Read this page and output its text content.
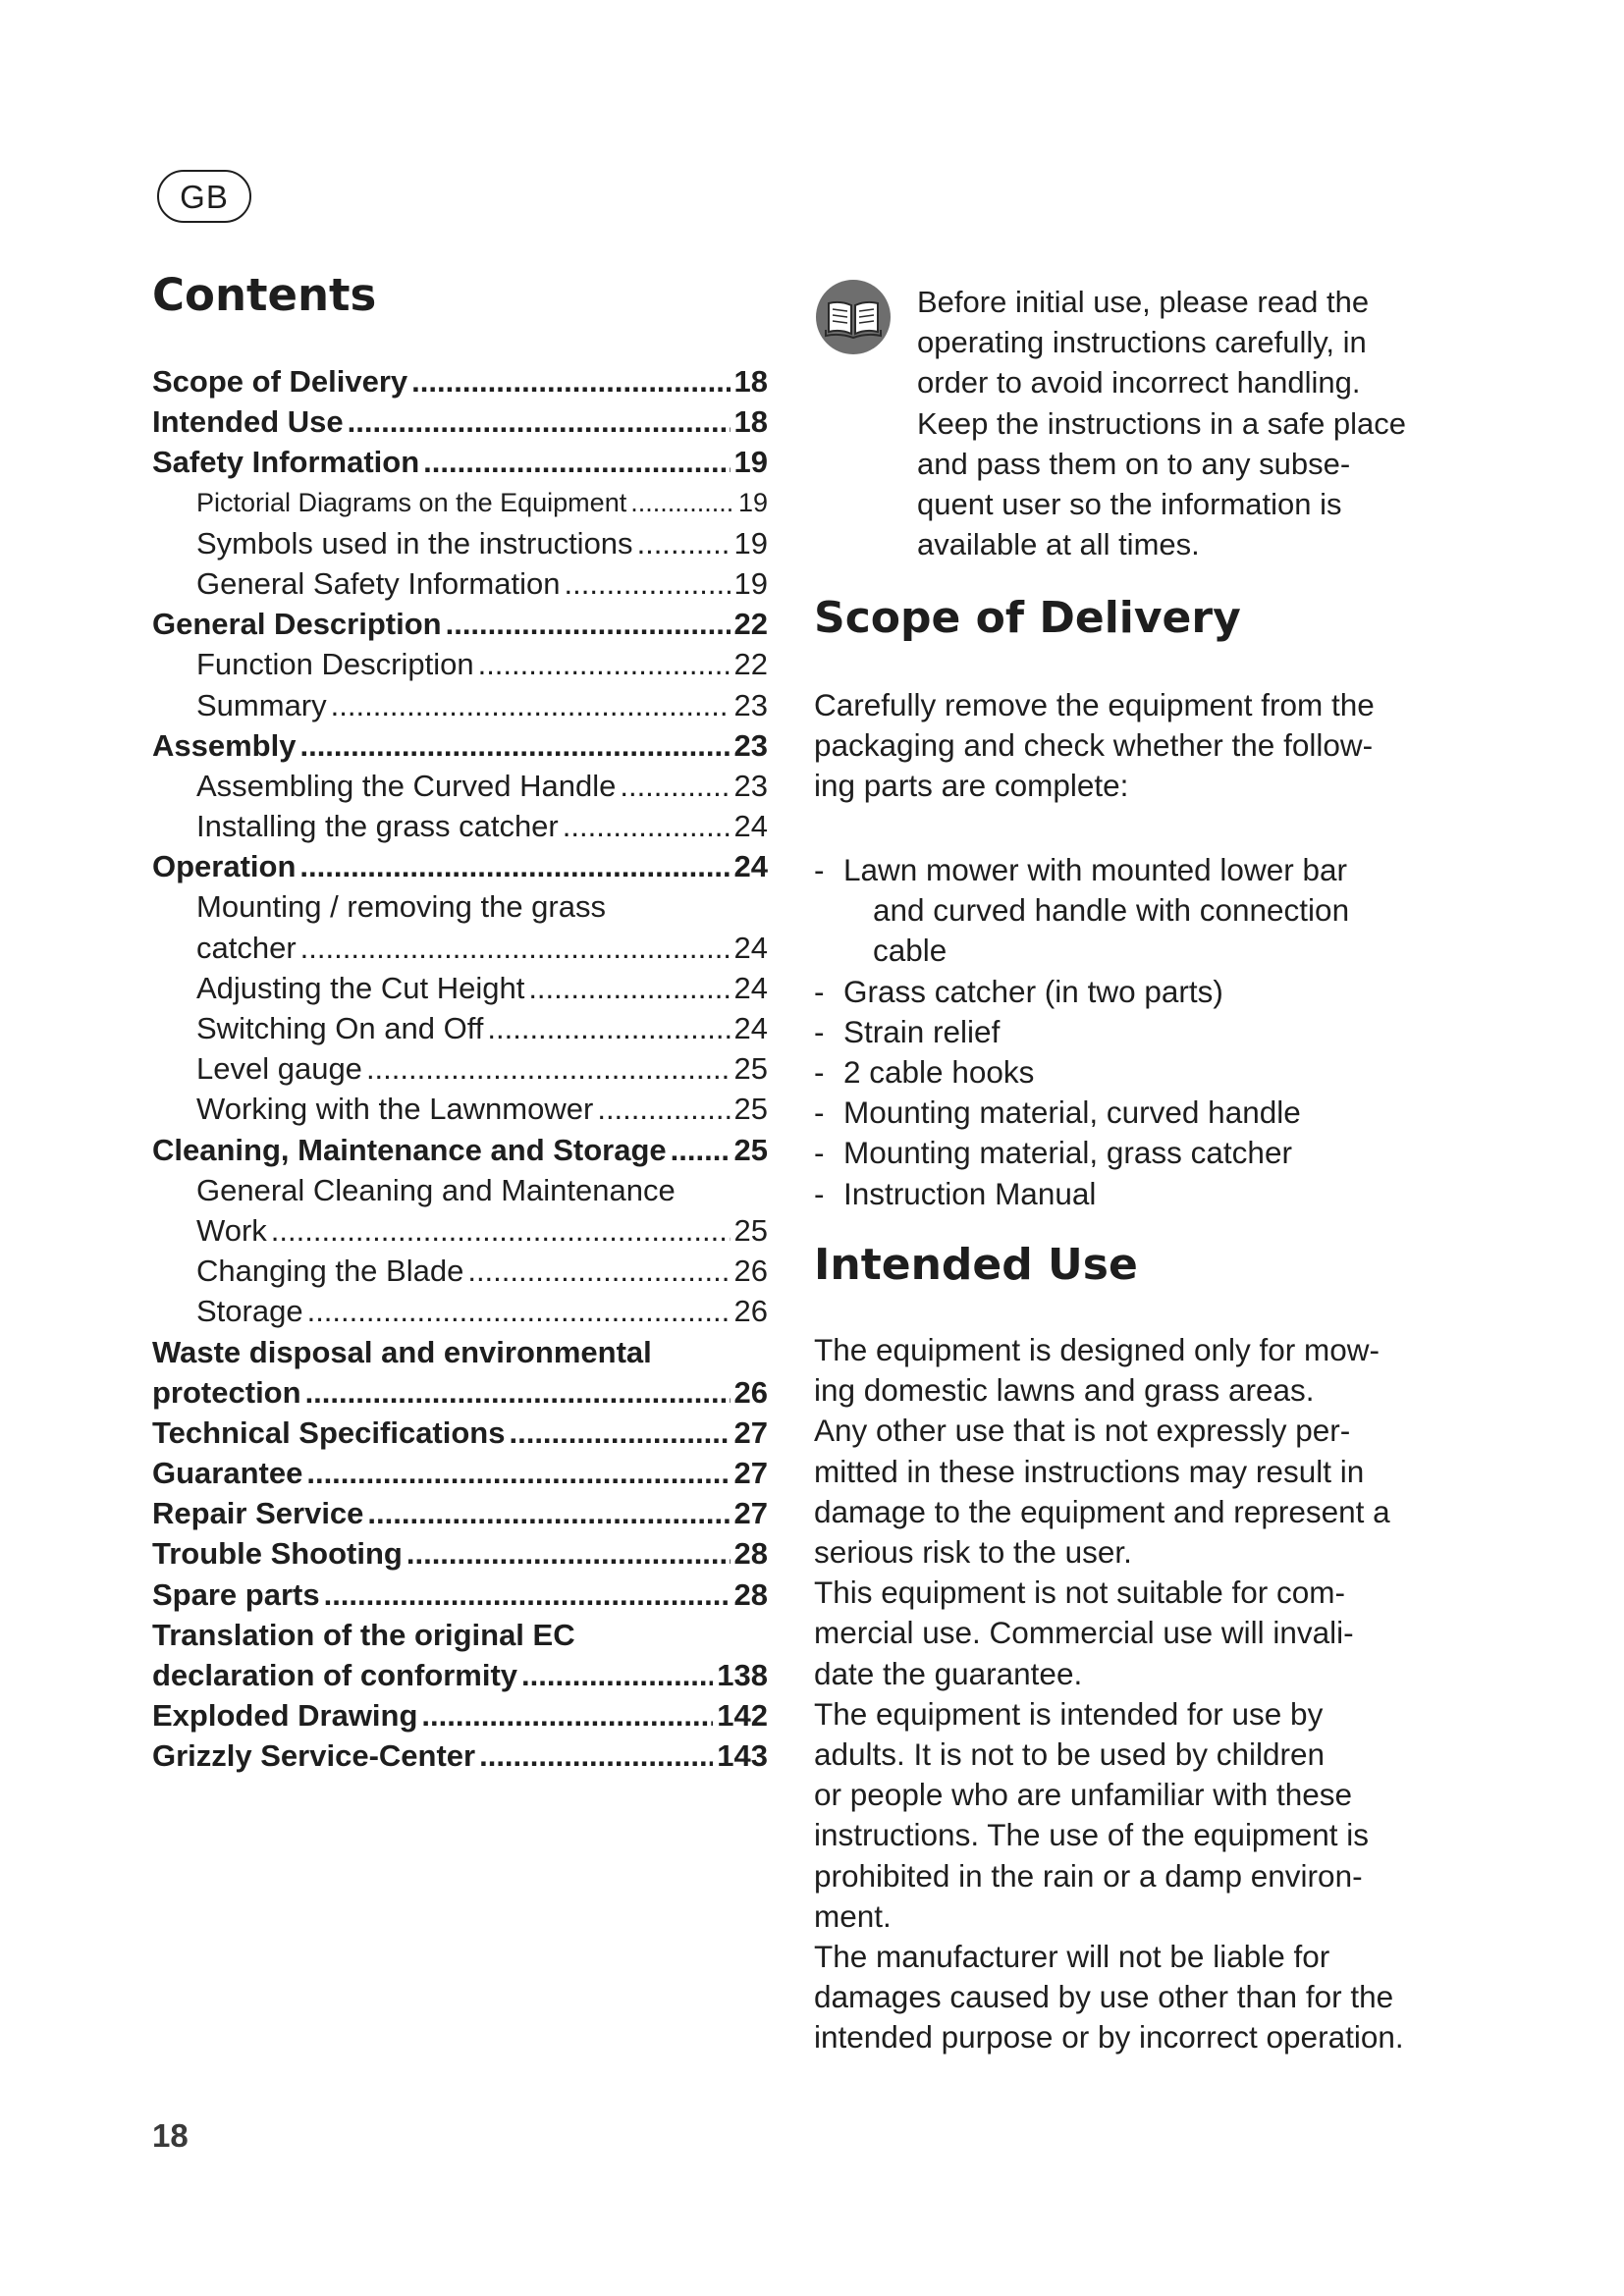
GB
Contents
Scope of Delivery .....	18
Intended Use .....	18
Safety Information .....	19
Pictorial Diagrams on the Equipment .....	19
Symbols used in the instructions .....	19
General Safety Information .....	19
General Description .....	22
Function Description .....	22
Summary .....	23
Assembly .....	23
Assembling the Curved Handle .....	23
Installing the grass catcher .....	24
Operation .....	24
Mounting / removing the grass
catcher .....	24
Adjusting the Cut Height .....	24
Switching On and Off .....	24
Level gauge .....	25
Working with the Lawnmower .....	25
Cleaning, Maintenance and Storage ..... 25
General Cleaning and Maintenance
Work .....	25
Changing the Blade .....	26
Storage .....	26
Waste disposal and environmental
protection .....	26
Technical Specifications .....	27
Guarantee .....	27
Repair Service .....	27
Trouble Shooting .....	28
Spare parts .....	28
Translation of the original EC
declaration of conformity .....	138
Exploded Drawing .....	142
Grizzly Service-Center .....	143

Before initial use, please read the
operating instructions carefully, in
order to avoid incorrect handling.
Keep the instructions in a safe place
and pass them on to any subse-
quent user so the information is
available at all times.

Scope of Delivery

Carefully remove the equipment from the
packaging and check whether the follow-
ing parts are complete:

- Lawn mower with mounted lower bar
and curved handle with connection
cable
- Grass catcher (in two parts)
- Strain relief
- 2 cable hooks
- Mounting material, curved handle
- Mounting material, grass catcher
- Instruction Manual
Intended Use

The equipment is designed only for mow-
ing domestic lawns and grass areas.
Any other use that is not expressly per-
mitted in these instructions may result in
damage to the equipment and represent a
serious risk to the user.
This equipment is not suitable for com-
mercial use. Commercial use will invali-
date the guarantee.
The equipment is intended for use by
adults. It is not to be used by children
or people who are unfamiliar with these
instructions. The use of the equipment is
prohibited in the rain or a damp environ-
ment.
The manufacturer will not be liable for
damages caused by use other than for the
intended purpose or by incorrect operation.

18
